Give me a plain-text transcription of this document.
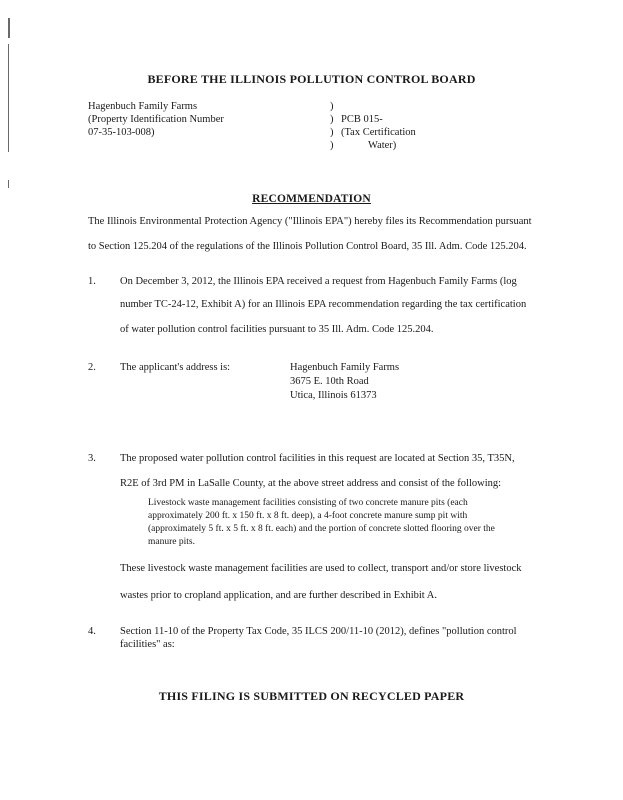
BEFORE THE ILLINOIS POLLUTION CONTROL BOARD
Hagenbuch Family Farms
(Property Identification Number
07-35-103-008)
)
)
)
)
PCB 015-
(Tax Certification
Water)
RECOMMENDATION
The Illinois Environmental Protection Agency ("Illinois EPA") hereby files its Recommendation pursuant
to Section 125.204 of the regulations of the Illinois Pollution Control Board, 35 Ill. Adm. Code 125.204.
1. On December 3, 2012, the Illinois EPA received a request from Hagenbuch Family Farms (log
number TC-24-12, Exhibit A) for an Illinois EPA recommendation regarding the tax certification
of water pollution control facilities pursuant to 35 Ill. Adm. Code 125.204.
2. The applicant's address is:	Hagenbuch Family Farms
3675 E. 10th Road
Utica, Illinois 61373
3. The proposed water pollution control facilities in this request are located at Section 35, T35N,
R2E of 3rd PM in LaSalle County, at the above street address and consist of the following:
Livestock waste management facilities consisting of two concrete manure pits (each
approximately 200 ft. x 150 ft. x 8 ft. deep), a 4-foot concrete manure sump pit with
(approximately 5 ft. x 5 ft. x 8 ft. each) and the portion of concrete slotted flooring over the
manure pits.
These livestock waste management facilities are used to collect, transport and/or store livestock
wastes prior to cropland application, and are further described in Exhibit A.
4. Section 11-10 of the Property Tax Code, 35 ILCS 200/11-10 (2012), defines "pollution control
facilities" as:
THIS FILING IS SUBMITTED ON RECYCLED PAPER
